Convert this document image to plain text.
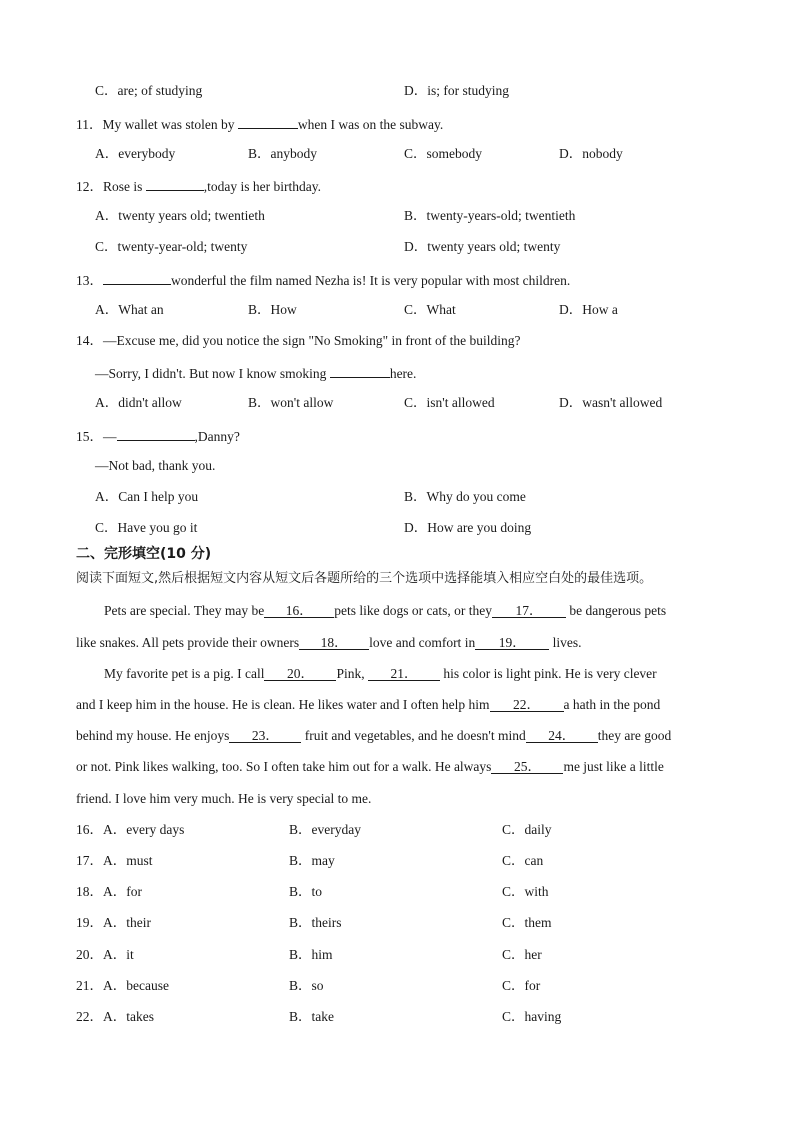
C．are; of studying	D．is; for studying
11．My wallet was stolen by	when I was on the subway.
A．everybody	B．anybody	C．somebody	D．nobody
12．Rose is	,today is her birthday.
A．twenty years old; twentieth	B．twenty-years-old; twentieth
C．twenty-year-old; twenty	D．twenty years old; twenty
13．	wonderful the film named Nezha is! It is very popular with most children.
A．What an	B．How	C．What	D．How a
14．—Excuse me, did you notice the sign "No Smoking" in front of the building?
—Sorry, I didn't. But now I know smoking	here.
A．didn't allow	B．won't allow	C．isn't allowed	D．wasn't allowed
15．—	,Danny?
—Not bad, thank you.
A．Can I help you	B．Why do you come
C．Have you go it	D．How are you doing
二、完形填空(10 分)
阅读下面短文,然后根据短文内容从短文后各题所给的三个选项中选择能填入相应空白处的最佳选项。
Pets are special. They may be 16． pets like dogs or cats, or they 17． be dangerous pets
like snakes. All pets provide their owners 18． love and comfort in 19． lives.
My favorite pet is a pig. I call 20． Pink, 21． his color is light pink. He is very clever
and I keep him in the house. He is clean. He likes water and I often help him 22． a hath in the pond
behind my house. He enjoys 23． fruit and vegetables, and he doesn't mind 24． they are good
or not. Pink likes walking, too. So I often take him out for a walk. He always 25． me just like a little
friend. I love him very much. He is very special to me.
16．A．every days	B．everyday	C．daily
17．A．must	B．may	C．can
18．A．for	B．to	C．with
19．A．their	B．theirs	C．them
20．A．it	B．him	C．her
21．A．because	B．so	C．for
22．A．takes	B．take	C．having
